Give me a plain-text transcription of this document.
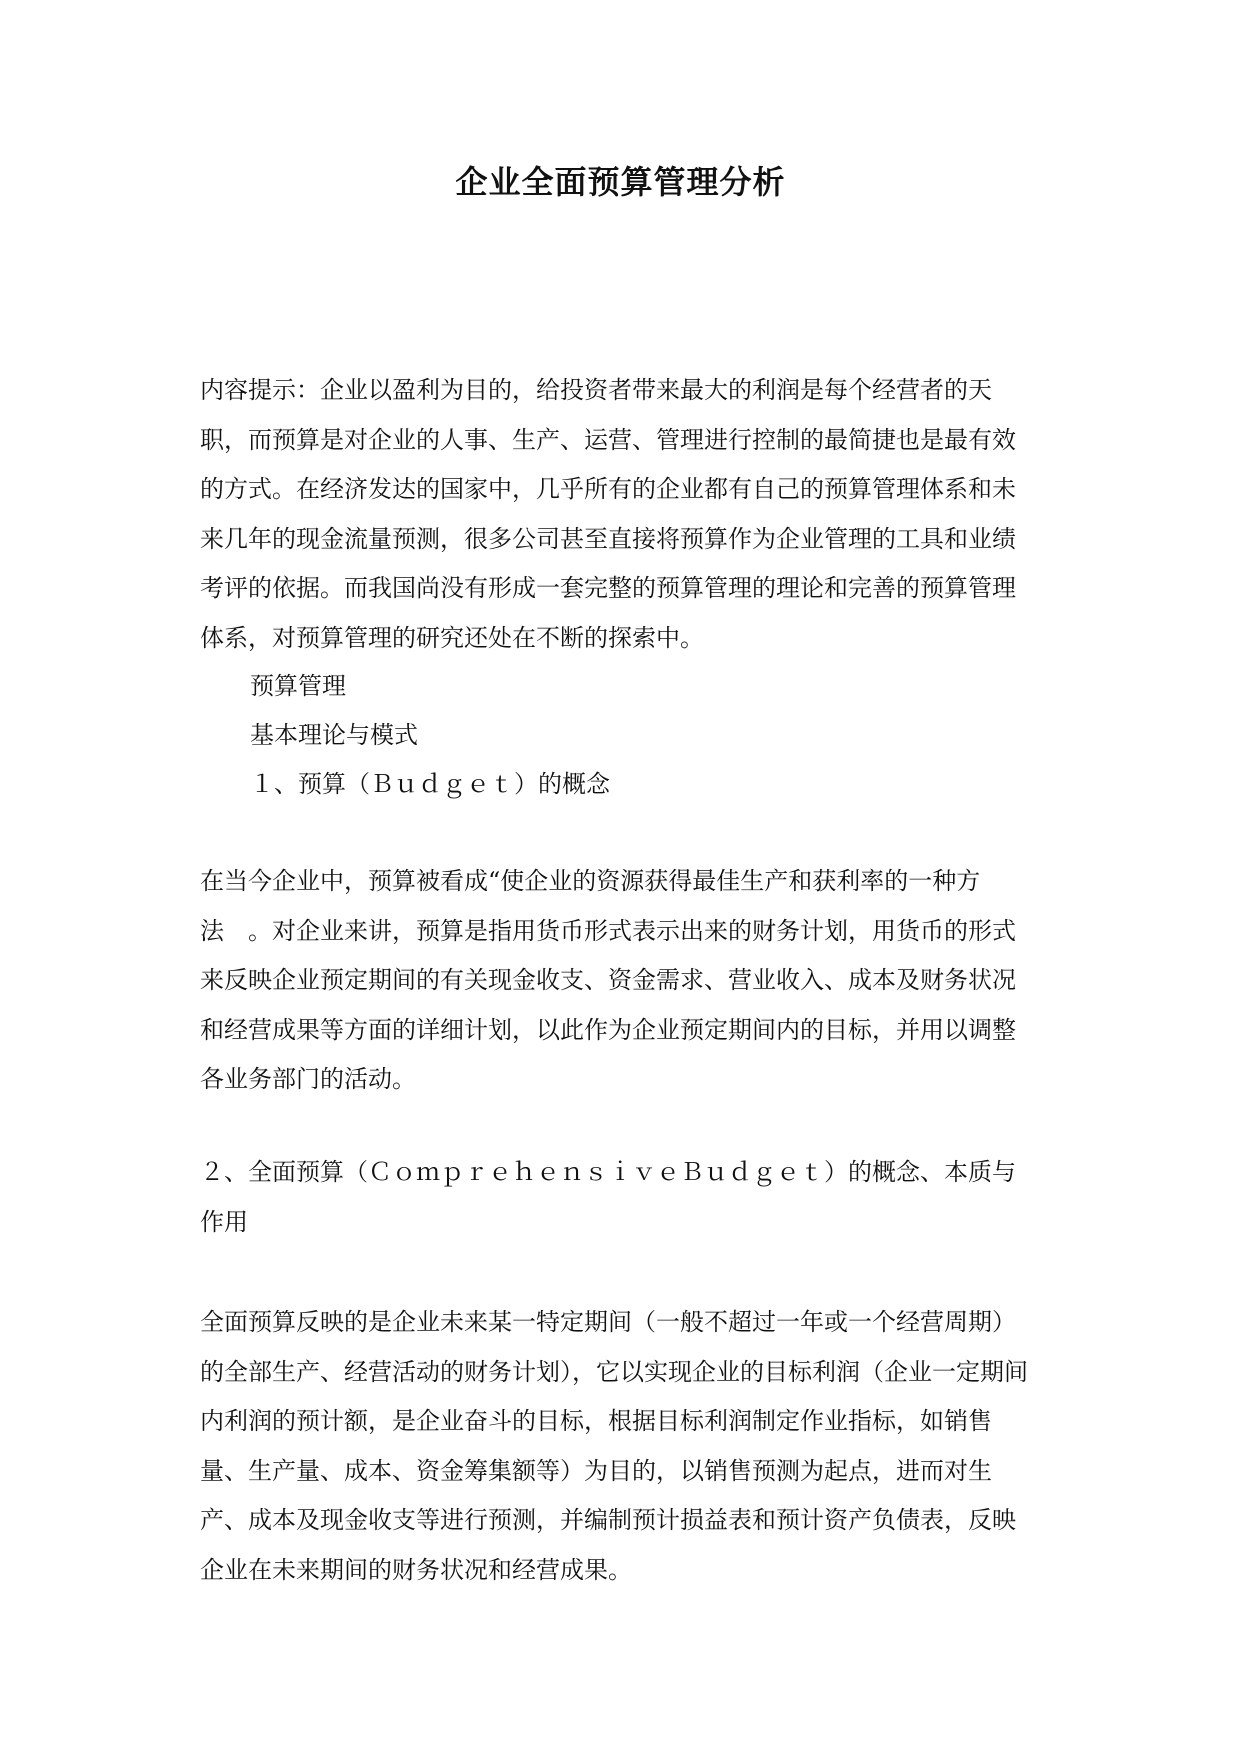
企业全面预算管理分析

内容提示：企业以盈利为目的，给投资者带来最大的利润是每个经营者的天职，而预算是对企业的人事、生产、运营、管理进行控制的最简捷也是最有效的方式。在经济发达的国家中，几乎所有的企业都有自己的预算管理体系和未来几年的现金流量预测，很多公司甚至直接将预算作为企业管理的工具和业绩考评的依据。而我国尚没有形成一套完整的预算管理的理论和完善的预算管理体系，对预算管理的研究还处在不断的探索中。

预算管理

基本理论与模式

１、预算（Ｂｕｄｇｅｔ）的概念

在当今企业中，预算被看成“使企业的资源获得最佳生产和获利率的一种方法　。对企业来讲，预算是指用货币形式表示出来的财务计划，用货币的形式来反映企业预定期间的有关现金收支、资金需求、营业收入、成本及财务状况和经营成果等方面的详细计划，以此作为企业预定期间内的目标，并用以调整各业务部门的活动。

２、全面预算（ＣｏｍｐｒｅｈｅｎｓｉｖｅＢｕｄｇｅｔ）的概念、本质与作用

全面预算反映的是企业未来某一特定期间（一般不超过一年或一个经营周期）的全部生产、经营活动的财务计划），它以实现企业的目标利润（企业一定期间内利润的预计额，是企业奋斗的目标，根据目标利润制定作业指标，如销售量、生产量、成本、资金筹集额等）为目的，以销售预测为起点，进而对生产、成本及现金收支等进行预测，并编制预计损益表和预计资产负债表，反映企业在未来期间的财务状况和经营成果。
